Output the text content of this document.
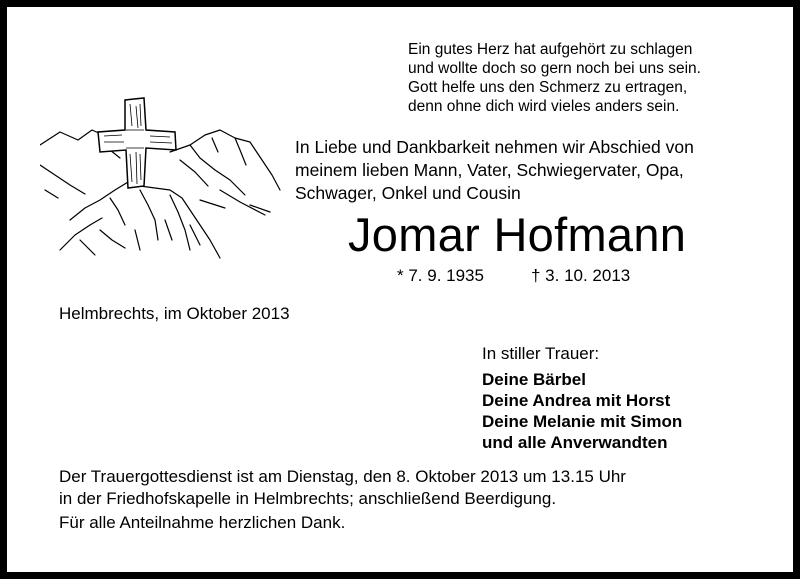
Ein gutes Herz hat aufgehört zu schlagen
und wollte doch so gern noch bei uns sein.
Gott helfe uns den Schmerz zu ertragen,
denn ohne dich wird vieles anders sein.
In Liebe und Dankbarkeit nehmen wir Abschied von
meinem lieben Mann, Vater, Schwiegervater, Opa,
Schwager, Onkel und Cousin
Jomar Hofmann
* 7. 9. 1935	† 3. 10. 2013
Helmbrechts, im Oktober 2013
In stiller Trauer:
Deine Bärbel
Deine Andrea mit Horst
Deine Melanie mit Simon
und alle Anverwandten
Der Trauergottesdienst ist am Dienstag, den 8. Oktober 2013 um 13.15 Uhr
in der Friedhofskapelle in Helmbrechts; anschließend Beerdigung.
Für alle Anteilnahme herzlichen Dank.
